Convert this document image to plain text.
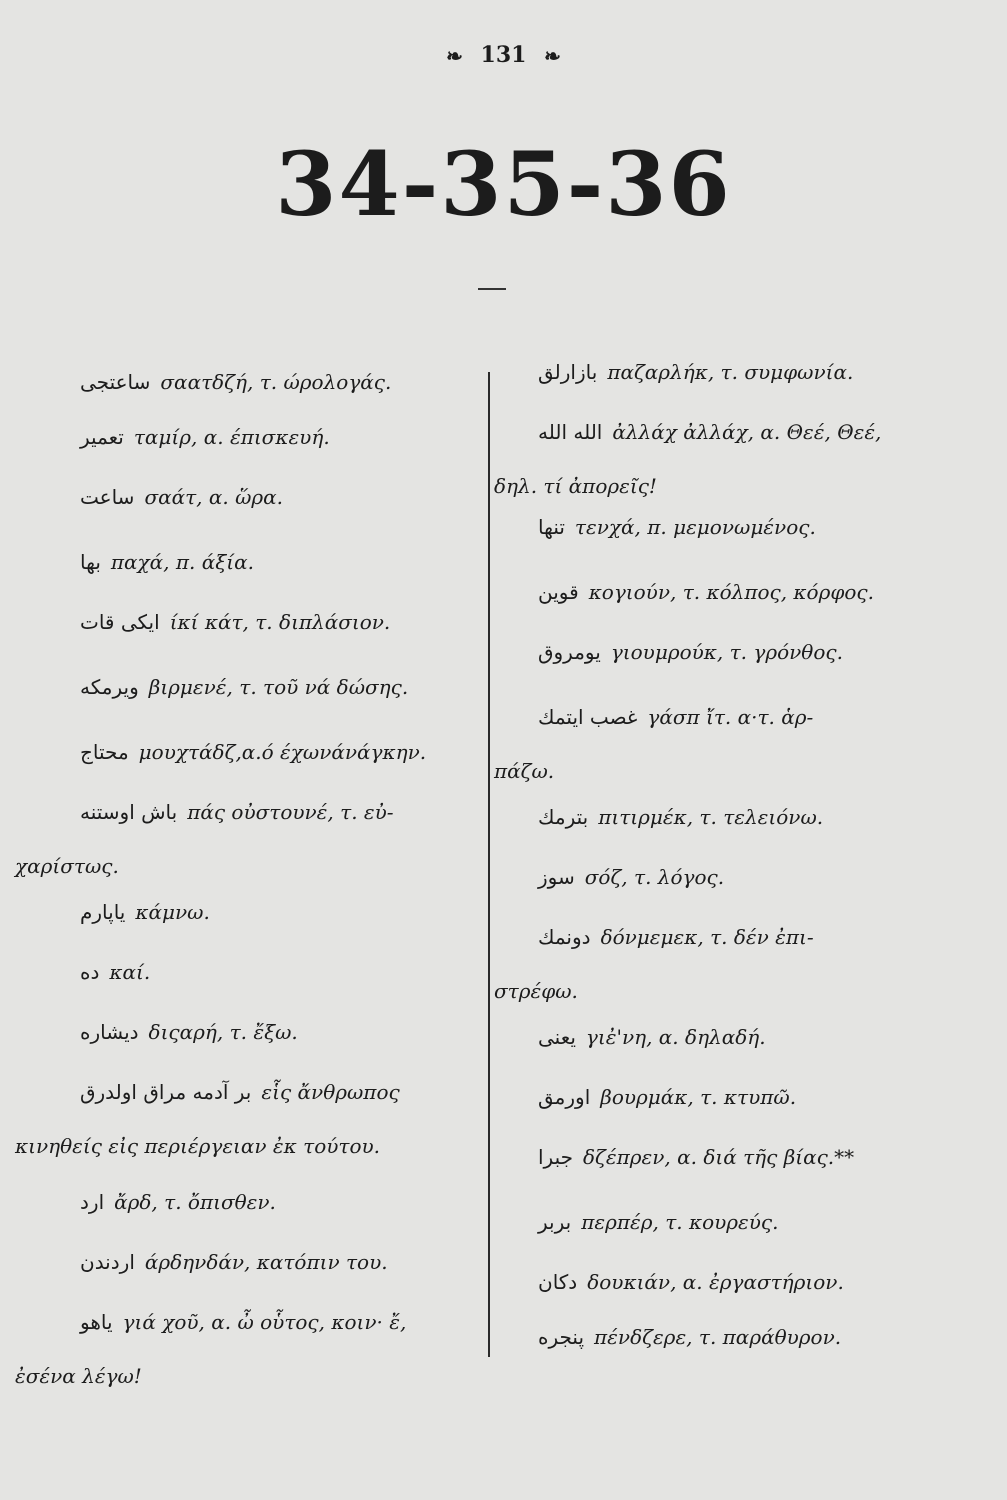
❧ 131 ❧
34-35-36
ساعتجى σαατδζή, τ. ώρολογάς.
تعمير ταμίρ, α. έπισκευή.
ساعت σαάτ, α. ὥρα.
بها παχά, π. άξία.
ایکی قات ίκί κάτ, τ. διπλάσιον.
ویرمکه βιρμενέ, τ. τοῦ νά δώσης.
محتاج μουχτάδζ,α.ό έχωνάνάγκην.
باش اوستنه πάς οὐστουνέ, τ. εὐ-
χαρίστως.
یاپارم κάμνω.
ده καί.
دیشاره διςαρή, τ. ἔξω.
بر آدمه مراق اولدرق εἷς ἄνθρωπος
κινηθείς εἰς περιέργειαν ἐκ τούτου.
ارد ἄρδ, τ. ὄπισθεν.
اردندن άρδηνδάν, κατόπιν του.
یاهو γιά χοῦ, α. ὦ οὗτος, κοιν· ἔ,
ἐσένα λέγω!
بازارلق παζαρλήκ, τ. συμφωνία.
الله الله ἀλλάχ ἀλλάχ, α. Θεέ, Θεέ,
δηλ. τί ἀπορεῖς!
تنها τενχά, π. μεμονωμένος.
قوین κογιούν, τ. κόλπος, κόρφος.
یومروق γιουμρούκ, τ. γρόνθος.
غصب ایتمك γάσπ ἴτ. α·τ. ἁρ-
πάζω.
بترمك πιτιρμέκ, τ. τελειόνω.
سوز σόζ, τ. λόγος.
دونمك δόνμεμεκ, τ. δέν ἐπι-
στρέφω.
یعنی γιἐ'νη, α. δηλαδή.
اورمق βουρμάκ, τ. κτυπῶ.
جبرا δζέπρεν, α. διά τῆς βίας.**
بربر περπέρ, τ. κουρεύς.
دکان δουκιάν, α. ἐργαστήριον.
پنجره πένδζερε, τ. παράθυρον.
